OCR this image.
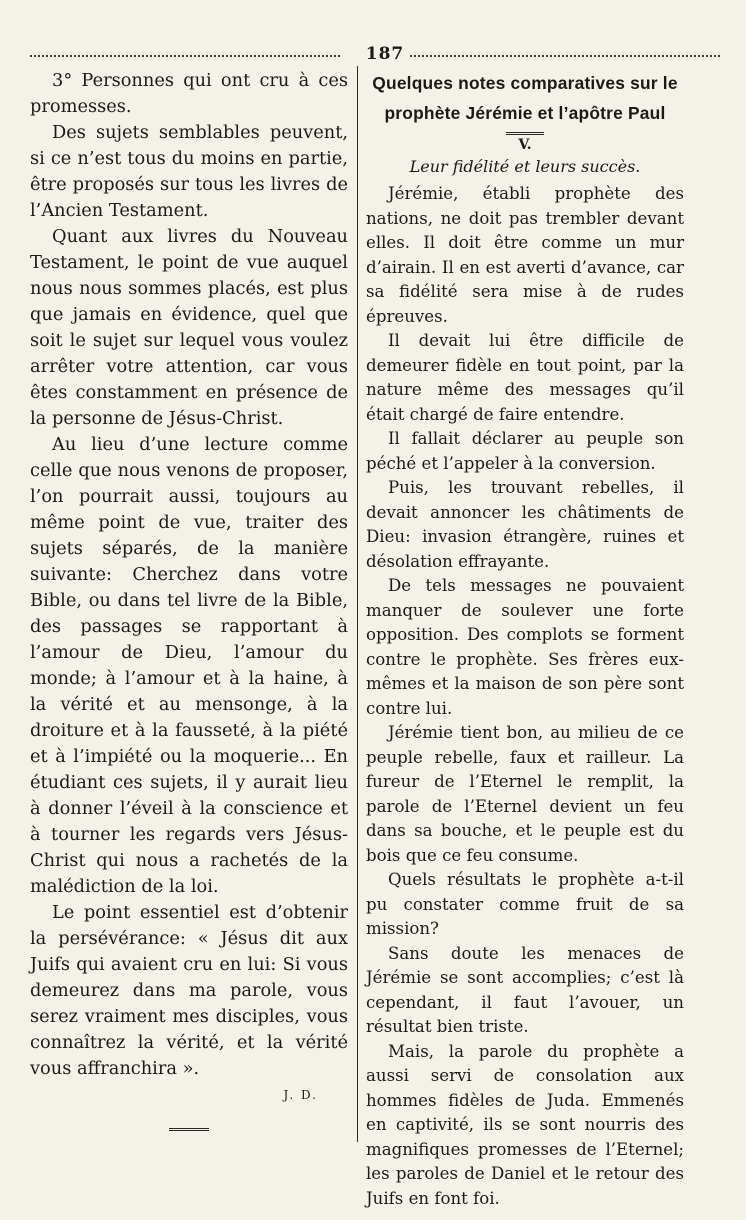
187

3° Personnes qui ont cru à ces promesses.

Des sujets semblables peuvent, si ce n’est tous du moins en partie, être proposés sur tous les livres de l’Ancien Testament.

Quant aux livres du Nouveau Testament, le point de vue auquel nous nous sommes placés, est plus que jamais en évidence, quel que soit le sujet sur lequel vous voulez arrêter votre attention, car vous êtes constamment en présence de la personne de Jésus-Christ.

Au lieu d’une lecture comme celle que nous venons de proposer, l’on pourrait aussi, toujours au même point de vue, traiter des sujets séparés, de la manière suivante: Cherchez dans votre Bible, ou dans tel livre de la Bible, des passages se rapportant à l’amour de Dieu, l’amour du monde; à l’amour et à la haine, à la vérité et au mensonge, à la droiture et à la fausseté, à la piété et à l’impiété ou la moquerie... En étudiant ces sujets, il y aurait lieu à donner l’éveil à la conscience et à tourner les regards vers Jésus-Christ qui nous a rachetés de la malédiction de la loi.

Le point essentiel est d’obtenir la persévérance: « Jésus dit aux Juifs qui avaient cru en lui: Si vous demeurez dans ma parole, vous serez vraiment mes disciples, vous connaîtrez la vérité, et la vérité vous affranchira ».

J. D.
Quelques notes comparatives sur le prophète Jérémie et l’apôtre Paul
V.
Leur fidélité et leurs succès.

Jérémie, établi prophète des nations, ne doit pas trembler devant elles. Il doit être comme un mur d’airain. Il en est averti d’avance, car sa fidélité sera mise à de rudes épreuves.

Il devait lui être difficile de demeurer fidèle en tout point, par la nature même des messages qu’il était chargé de faire entendre.

Il fallait déclarer au peuple son péché et l’appeler à la conversion.

Puis, les trouvant rebelles, il devait annoncer les châtiments de Dieu: invasion étrangère, ruines et désolation effrayante.

De tels messages ne pouvaient manquer de soulever une forte opposition. Des complots se forment contre le prophète. Ses frères eux-mêmes et la maison de son père sont contre lui.

Jérémie tient bon, au milieu de ce peuple rebelle, faux et railleur. La fureur de l’Eternel le remplit, la parole de l’Eternel devient un feu dans sa bouche, et le peuple est du bois que ce feu consume.

Quels résultats le prophète a-t-il pu constater comme fruit de sa mission?

Sans doute les menaces de Jérémie se sont accomplies; c’est là cependant, il faut l’avouer, un résultat bien triste.

Mais, la parole du prophète a aussi servi de consolation aux hommes fidèles de Juda. Emmenés en captivité, ils se sont nourris des magnifiques promesses de l’Eternel; les paroles de Daniel et le retour des Juifs en font foi.
